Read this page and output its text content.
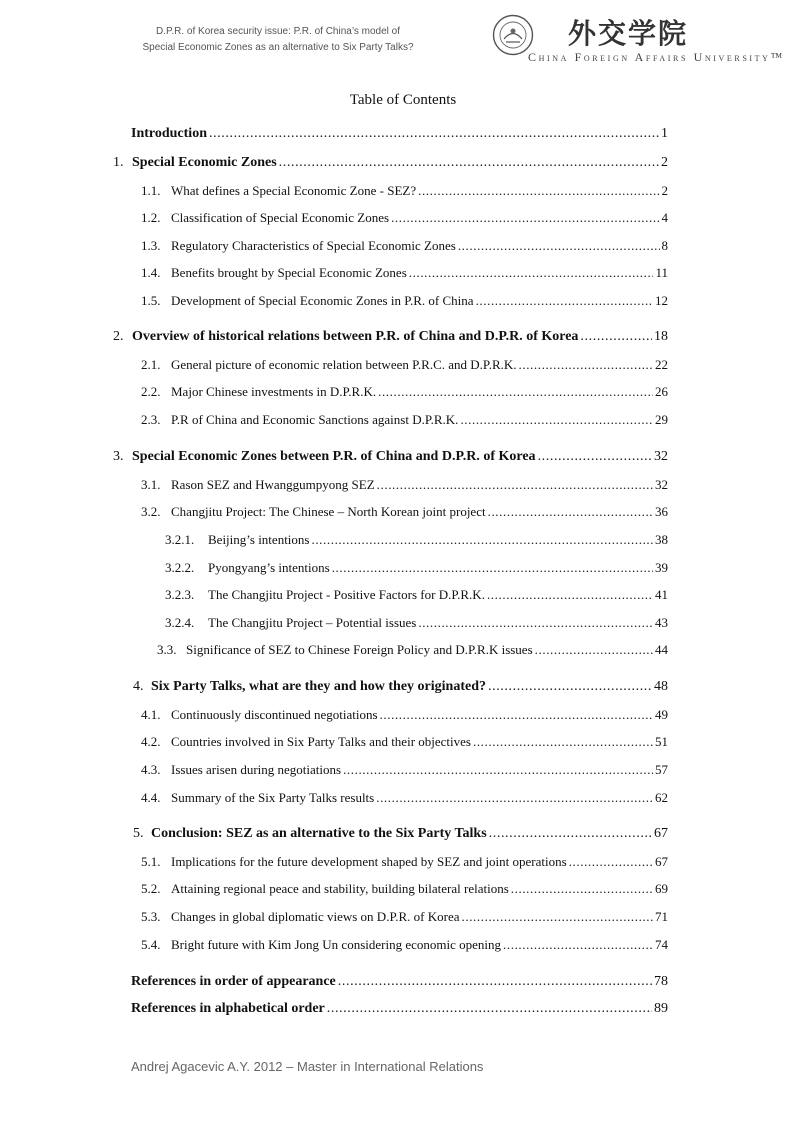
D.P.R. of Korea security issue: P.R. of China’s model of
Special Economic Zones as an alternative to Six Party Talks?	外交学院
China Foreign Affairs University™
Table of Contents
Introduction .....	1
1. Special Economic Zones .....	2
1.1. What defines a Special Economic Zone - SEZ? .....	2
1.2. Classification of Special Economic Zones .....	4
1.3. Regulatory Characteristics of Special Economic Zones .....	8
1.4. Benefits brought by Special Economic Zones .....	11
1.5. Development of Special Economic Zones in P.R. of China .....	12
2. Overview of historical relations between P.R. of China and D.P.R. of Korea .....	18
2.1. General picture of economic relation between P.R.C. and D.P.R.K. .....	22
2.2. Major Chinese investments in D.P.R.K. .....	26
2.3. P.R of China and Economic Sanctions against D.P.R.K. .....	29
3. Special Economic Zones between P.R. of China and D.P.R. of Korea .....	32
3.1. Rason SEZ and Hwanggumpyong SEZ .....	32
3.2. Changjitu Project: The Chinese – North Korean joint project .....	36
3.2.1.	Beijing’s intentions .....	38
3.2.2.	Pyongyang’s intentions .....	39
3.2.3.	The Changjitu Project - Positive Factors for D.P.R.K. .....	41
3.2.4.	The Changjitu Project – Potential issues .....	43
3.3. Significance of SEZ to Chinese Foreign Policy and D.P.R.K issues .....	44
4. Six Party Talks, what are they and how they originated? .....	48
4.1. Continuously discontinued negotiations .....	49
4.2. Countries involved in Six Party Talks and their objectives .....	51
4.3. Issues arisen during negotiations .....	57
4.4. Summary of the Six Party Talks results .....	62
5. Conclusion: SEZ as an alternative to the Six Party Talks .....	67
5.1. Implications for the future development shaped by SEZ and joint operations .....	67
5.2. Attaining regional peace and stability, building bilateral relations .....	69
5.3. Changes in global diplomatic views on D.P.R. of Korea .....	71
5.4. Bright future with Kim Jong Un considering economic opening .....	74
References in order of appearance .....	78
References in alphabetical order .....	89
Andrej Agacevic A.Y. 2012 – Master in International Relations
